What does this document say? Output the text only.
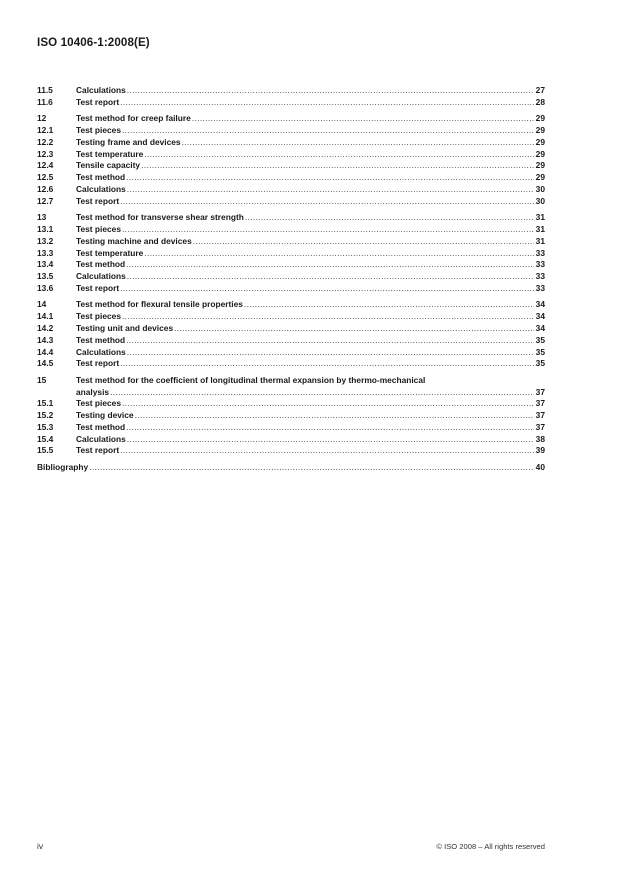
ISO 10406-1:2008(E)
11.5	Calculations .....	27
11.6	Test report .....	28
12	Test method for creep failure .....	29
12.1	Test pieces .....	29
12.2	Testing frame and devices .....	29
12.3	Test temperature .....	29
12.4	Tensile capacity .....	29
12.5	Test method .....	29
12.6	Calculations .....	30
12.7	Test report .....	30
13	Test method for transverse shear strength .....	31
13.1	Test pieces .....	31
13.2	Testing machine and devices .....	31
13.3	Test temperature .....	33
13.4	Test method .....	33
13.5	Calculations .....	33
13.6	Test report .....	33
14	Test method for flexural tensile properties .....	34
14.1	Test pieces .....	34
14.2	Testing unit and devices .....	34
14.3	Test method .....	35
14.4	Calculations .....	35
14.5	Test report .....	35
15	Test method for the coefficient of longitudinal thermal expansion by thermo-mechanical
analysis .....	37
15.1	Test pieces .....	37
15.2	Testing device .....	37
15.3	Test method .....	37
15.4	Calculations .....	38
15.5	Test report .....	39
Bibliography .....	40
iv	© ISO 2008 – All rights reserved
